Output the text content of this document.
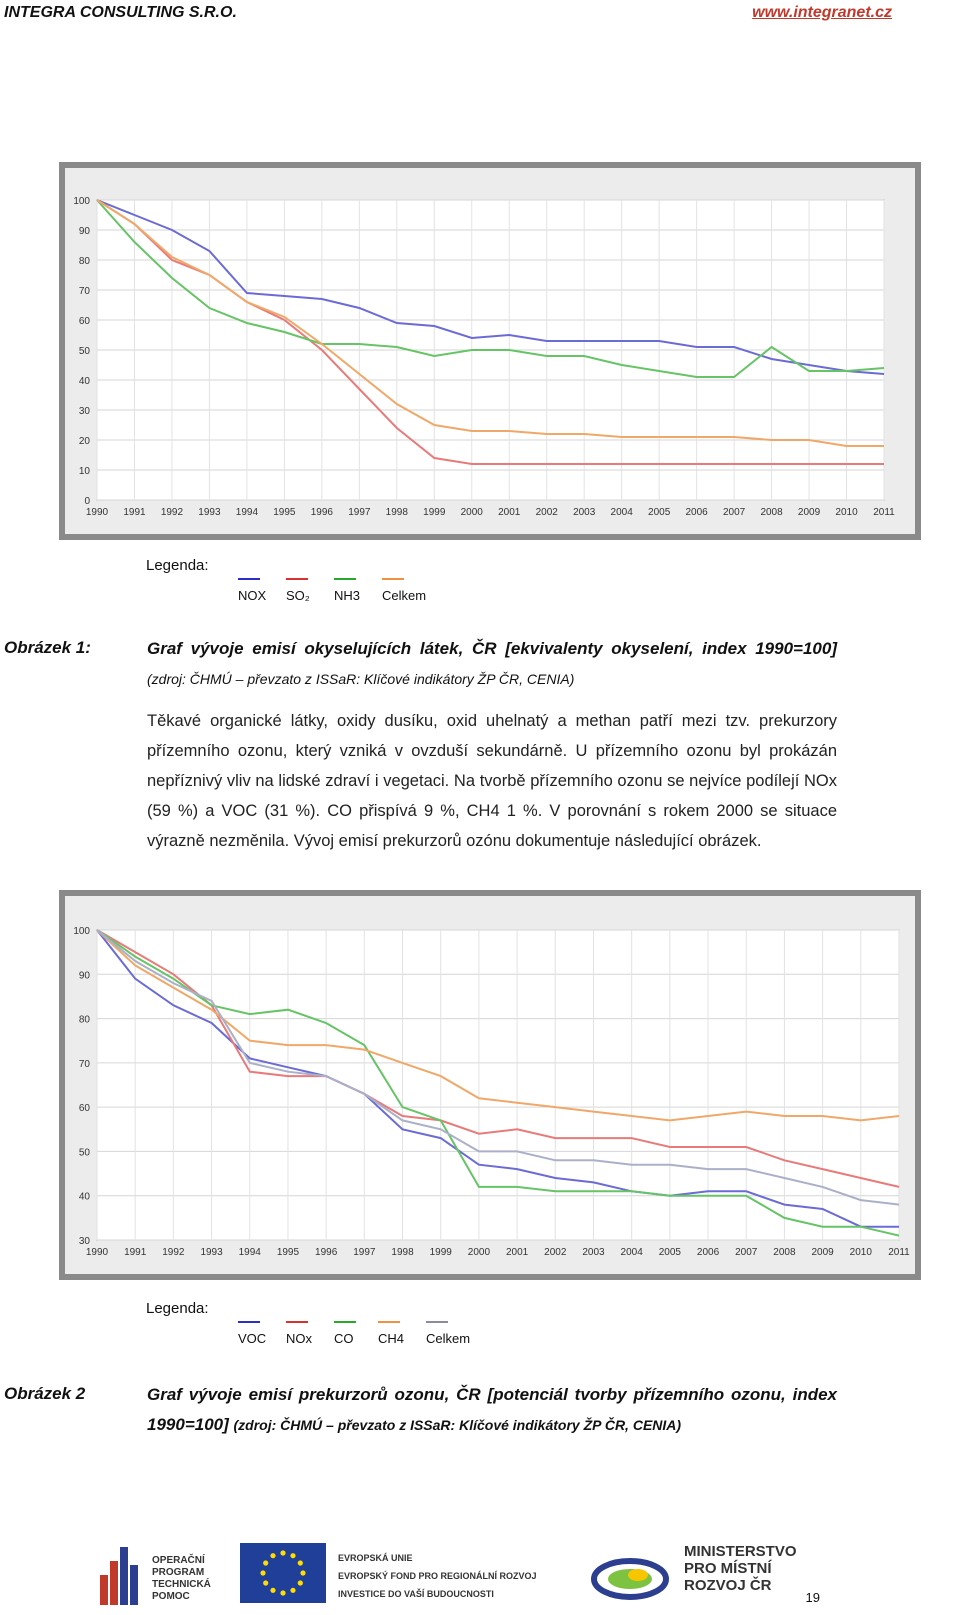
INTEGRA CONSULTING S.R.O.	www.integranet.cz
0
10
20
30
40
50
60
70
80
90
100
1990 1991 1992 1993 1994 1995 1996 1997 1998 1999 2000 2001 2002 2003 2004 2005 2006 2007 2008 2009 2010 2011
Legenda:
NOX SO₂ NH3 Celkem
Obrázek 1:	Graf vývoje emisí okyselujících látek, ČR [ekvivalenty okyselení, index 1990=100] (zdroj: ČHMÚ – převzato z ISSaR: Klíčové indikátory ŽP ČR, CENIA)
Těkavé organické látky, oxidy dusíku, oxid uhelnatý a methan patří mezi tzv. prekurzory přízemního ozonu, který vzniká v ovzduší sekundárně. U přízemního ozonu byl prokázán nepříznivý vliv na lidské zdraví i vegetaci. Na tvorbě přízemního ozonu se nejvíce podílejí NOx (59 %) a VOC (31 %). CO přispívá 9 %, CH4 1 %. V porovnání s rokem 2000 se situace výrazně nezměnila. Vývoj emisí prekurzorů ozónu dokumentuje následující obrázek.
30
40
50
60
70
80
90
100
1990 1991 1992 1993 1994 1995 1996 1997 1998 1999 2000 2001 2002 2003 2004 2005 2006 2007 2008 2009 2010 2011
Legenda:
VOC NOx CO CH4 Celkem
Obrázek 2	Graf vývoje emisí prekurzorů ozonu, ČR [potenciál tvorby přízemního ozonu, index 1990=100] (zdroj: ČHMÚ – převzato z ISSaR: Klíčové indikátory ŽP ČR, CENIA)
OPERAČNÍ
PROGRAM
TECHNICKÁ
POMOC
EVROPSKÁ UNIE
EVROPSKÝ FOND PRO REGIONÁLNÍ ROZVOJ
INVESTICE DO VAŠÍ BUDOUCNOSTI
MINISTERSTVO
PRO MÍSTNÍ
ROZVOJ ČR
19
